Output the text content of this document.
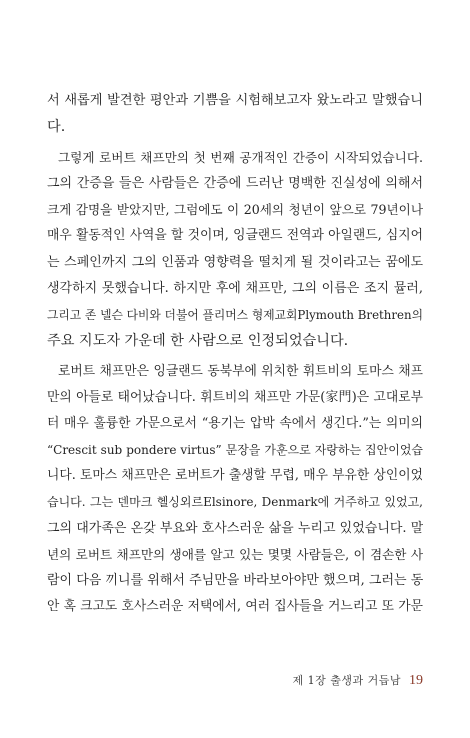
서 새롭게 발견한 평안과 기쁨을 시험해보고자 왔노라고 말했습니
다.
그렇게 로버트 채프만의 첫 번째 공개적인 간증이 시작되었습니다.
그의 간증을 들은 사람들은 간증에 드러난 명백한 진실성에 의해서
크게 감명을 받았지만, 그럼에도 이 20세의 청년이 앞으로 79년이나
매우 활동적인 사역을 할 것이며, 잉글랜드 전역과 아일랜드, 심지어
는 스페인까지 그의 인품과 영향력을 떨치게 될 것이라고는 꿈에도
생각하지 못했습니다. 하지만 후에 채프만, 그의 이름은 조지 뮬러,
그리고 존 넬슨 다비와 더불어 플리머스 형제교회Plymouth Brethren의
주요 지도자 가운데 한 사람으로 인정되었습니다.
로버트 채프만은 잉글랜드 동북부에 위치한 휘트비의 토마스 채프
만의 아들로 태어났습니다. 휘트비의 채프만 가문(家門)은 고대로부
터 매우 훌륭한 가문으로서 “용기는 압박 속에서 생긴다.”는 의미의
“Crescit sub pondere virtus” 문장을 가훈으로 자랑하는 집안이었습
니다. 토마스 채프만은 로버트가 출생할 무렵, 매우 부유한 상인이었
습니다. 그는 덴마크 헬싱외르Elsinore, Denmark에 거주하고 있었고,
그의 대가족은 온갖 부요와 호사스러운 삶을 누리고 있었습니다. 말
년의 로버트 채프만의 생애를 알고 있는 몇몇 사람들은, 이 겸손한 사
람이 다음 끼니를 위해서 주님만을 바라보아야만 했으며, 그러는 동
안 혹 크고도 호사스러운 저택에서, 여러 집사들을 거느리고 또 가문
제 1장 출생과 거듭남 19
